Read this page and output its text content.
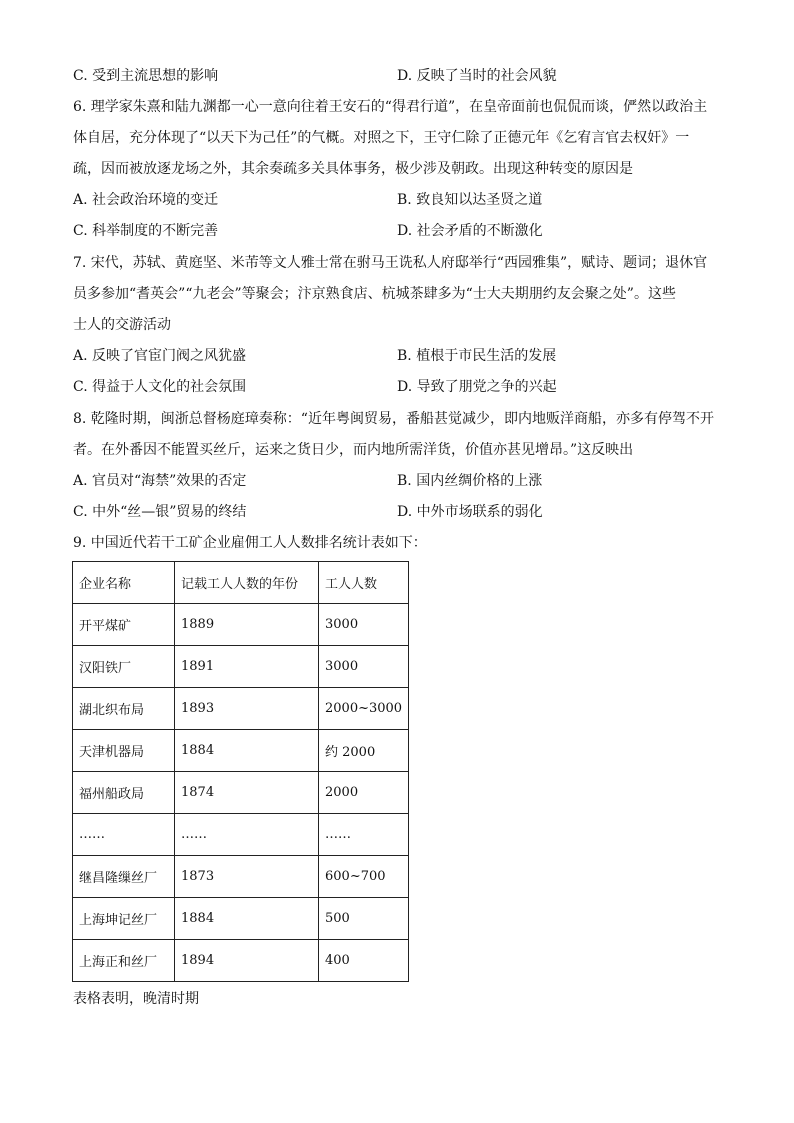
C. 受到主流思想的影响	D. 反映了当时的社会风貌
6. 理学家朱熹和陆九渊都一心一意向往着王安石的“得君行道”，在皇帝面前也侃侃而谈，俨然以政治主
体自居，充分体现了“以天下为己任”的气概。对照之下，王守仁除了正德元年《乞宥言官去权奸》一
疏，因而被放逐龙场之外，其余奏疏多关具体事务，极少涉及朝政。出现这种转变的原因是
A. 社会政治环境的变迁	B. 致良知以达圣贤之道
C. 科举制度的不断完善	D. 社会矛盾的不断激化
7. 宋代，苏轼、黄庭坚、米芾等文人雅士常在驸马王诜私人府邸举行“西园雅集”，赋诗、题词；退休官
员多参加“耆英会”“九老会”等聚会；汴京熟食店、杭城茶肆多为“士大夫期朋约友会聚之处”。这些
士人的交游活动
A. 反映了官宦门阀之风犹盛	B. 植根于市民生活的发展
C. 得益于人文化的社会氛围	D. 导致了朋党之争的兴起
8. 乾隆时期，闽浙总督杨庭璋奏称：“近年粤闽贸易，番船甚觉减少，即内地贩洋商船，亦多有停驾不开
者。在外番因不能置买丝斤，运来之货日少，而内地所需洋货，价值亦甚见增昂。”这反映出
A. 官员对“海禁”效果的否定	B. 国内丝绸价格的上涨
C. 中外“丝—银”贸易的终结	D. 中外市场联系的弱化
9. 中国近代若干工矿企业雇佣工人人数排名统计表如下：
企业名称	记载工人人数的年份	工人人数
开平煤矿	1889	3000
汉阳铁厂	1891	3000
湖北织布局	1893	2000~3000
天津机器局	1884	约 2000
福州船政局	1874	2000
……	……	……
继昌隆缫丝厂	1873	600~700
上海坤记丝厂	1884	500
上海正和丝厂	1894	400
表格表明，晚清时期
